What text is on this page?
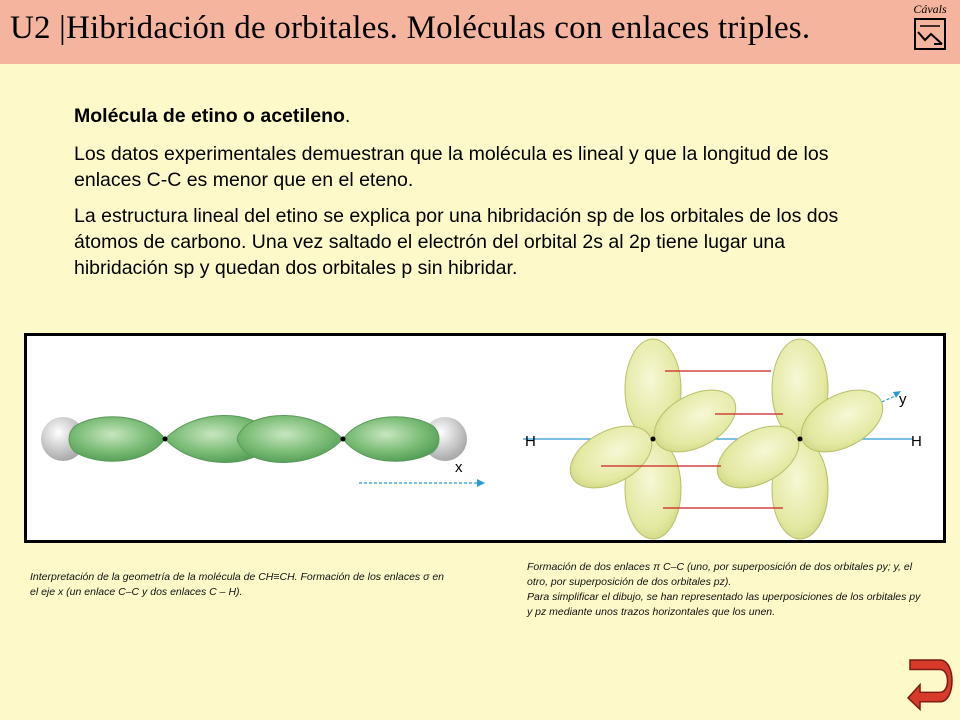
U2 |Hibridación de orbitales. Moléculas con enlaces triples.
Cávals

Molécula de etino o acetileno.

Los datos experimentales demuestran que la molécula es lineal y que la longitud de los enlaces C-C es menor que en el eteno.

La estructura lineal del etino se explica por una hibridación sp de los orbitales de los dos átomos de carbono. Una vez saltado el electrón del orbital 2s al 2p tiene lugar una hibridación sp y quedan dos orbitales p sin hibridar.

x
H	H
y
Interpretación de la geometría de la molécula de CH≡CH. Formación de los enlaces σ en el eje x (un enlace C–C y dos enlaces C – H).
Formación de dos enlaces π C–C (uno, por superposición de dos orbitales py; y, el otro, por superposición de dos orbitales pz).
Para simplificar el dibujo, se han representado las uperposiciones de los orbitales py y pz mediante unos trazos horizontales que los unen.
